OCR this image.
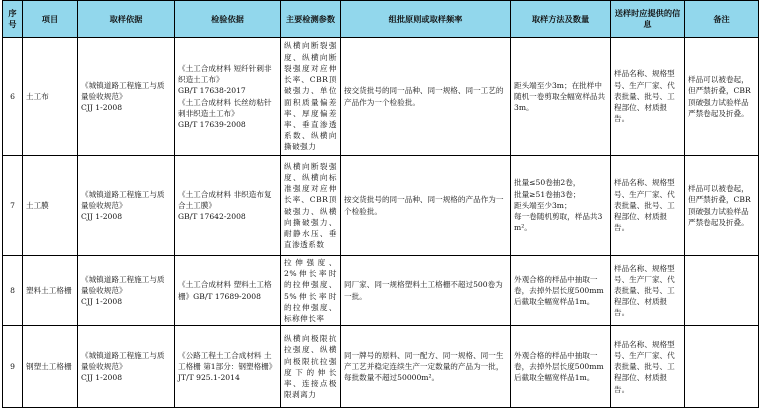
序号	项目	取样依据	检验依据	主要检测参数	组批原则或取样频率	取样方法及数量	送样时应提供的信息	备注
6	土工布	《城镇道路工程施工与质量验收规范》
CJJ 1-2008	《土工合成材料 短纤针刺非织造土工布》
GB/T 17638-2017
《土工合成材料 长丝纺粘针刺非织造土工布》
GB/T 17639-2008	纵横向断裂强度、纵横向断裂强度对应伸长率、CBR顶破强力、单位面积质量偏差率、厚度偏差率、垂直渗透系数、纵横向撕破强力	按交货批号的同一品种、同一规格、同一工艺的产品作为一个检验批。	距头端至少3m；在批样中随机一卷剪取全幅宽样品共3m。	样品名称、规格型号、生产厂家、代表批量、批号、工程部位、材质报告。	样品可以被卷起，但严禁折叠，CBR顶破强力试验样品严禁卷起及折叠。
7	土工膜	《城镇道路工程施工与质量验收规范》
CJJ 1-2008	《土工合成材料 非织造布复合土工膜》
GB/T 17642-2008	纵横向断裂强度、纵横向标准强度对应伸长率、CBR顶破强力、纵横向撕破强力、耐静水压、垂直渗透系数	按交货批号的同一品种、同一规格的产品作为一个检验批。	批量≤50卷抽2卷，
批量≥51卷抽3卷；
距头端至少3m；
每一卷随机剪取，样品共3m²。	样品名称、规格型号、生产厂家、代表批量、批号、工程部位、材质报告。	样品可以被卷起，但严禁折叠，CBR顶破强力试验样品严禁卷起及折叠。
8	塑料土工格栅	《城镇道路工程施工与质量验收规范》
CJJ 1-2008	《土工合成材料 塑料土工格栅》GB/T 17689-2008	拉伸强度、2%伸长率时的拉伸强度、5%伸长率时的拉伸强度、标称伸长率	同厂家、同一规格塑料土工格栅不超过500卷为一批。	外观合格的样品中抽取一卷，去掉外层长度500mm后截取全幅宽样品1m。	样品名称、规格型号、生产厂家、代表批量、批号、工程部位、材质报告。	
9	钢塑土工格栅	《城镇道路工程施工与质量验收规范》
CJJ 1-2008	《公路工程土工合成材料 土工格栅 第1部分：钢塑格栅》JT/T 925.1-2014	纵横向极限抗拉强度、纵横向极限抗拉强度下的伸长率、连接点极限剥离力	同一牌号的原料、同一配方、同一规格、同一生产工艺并稳定连续生产一定数量的产品为一批，每批数量不超过50000m²。	外观合格的样品中抽取一卷，去掉外层长度500mm后截取全幅宽样品1m。	样品名称、规格型号、生产厂家、代表批量、批号、工程部位、材质报告。	
